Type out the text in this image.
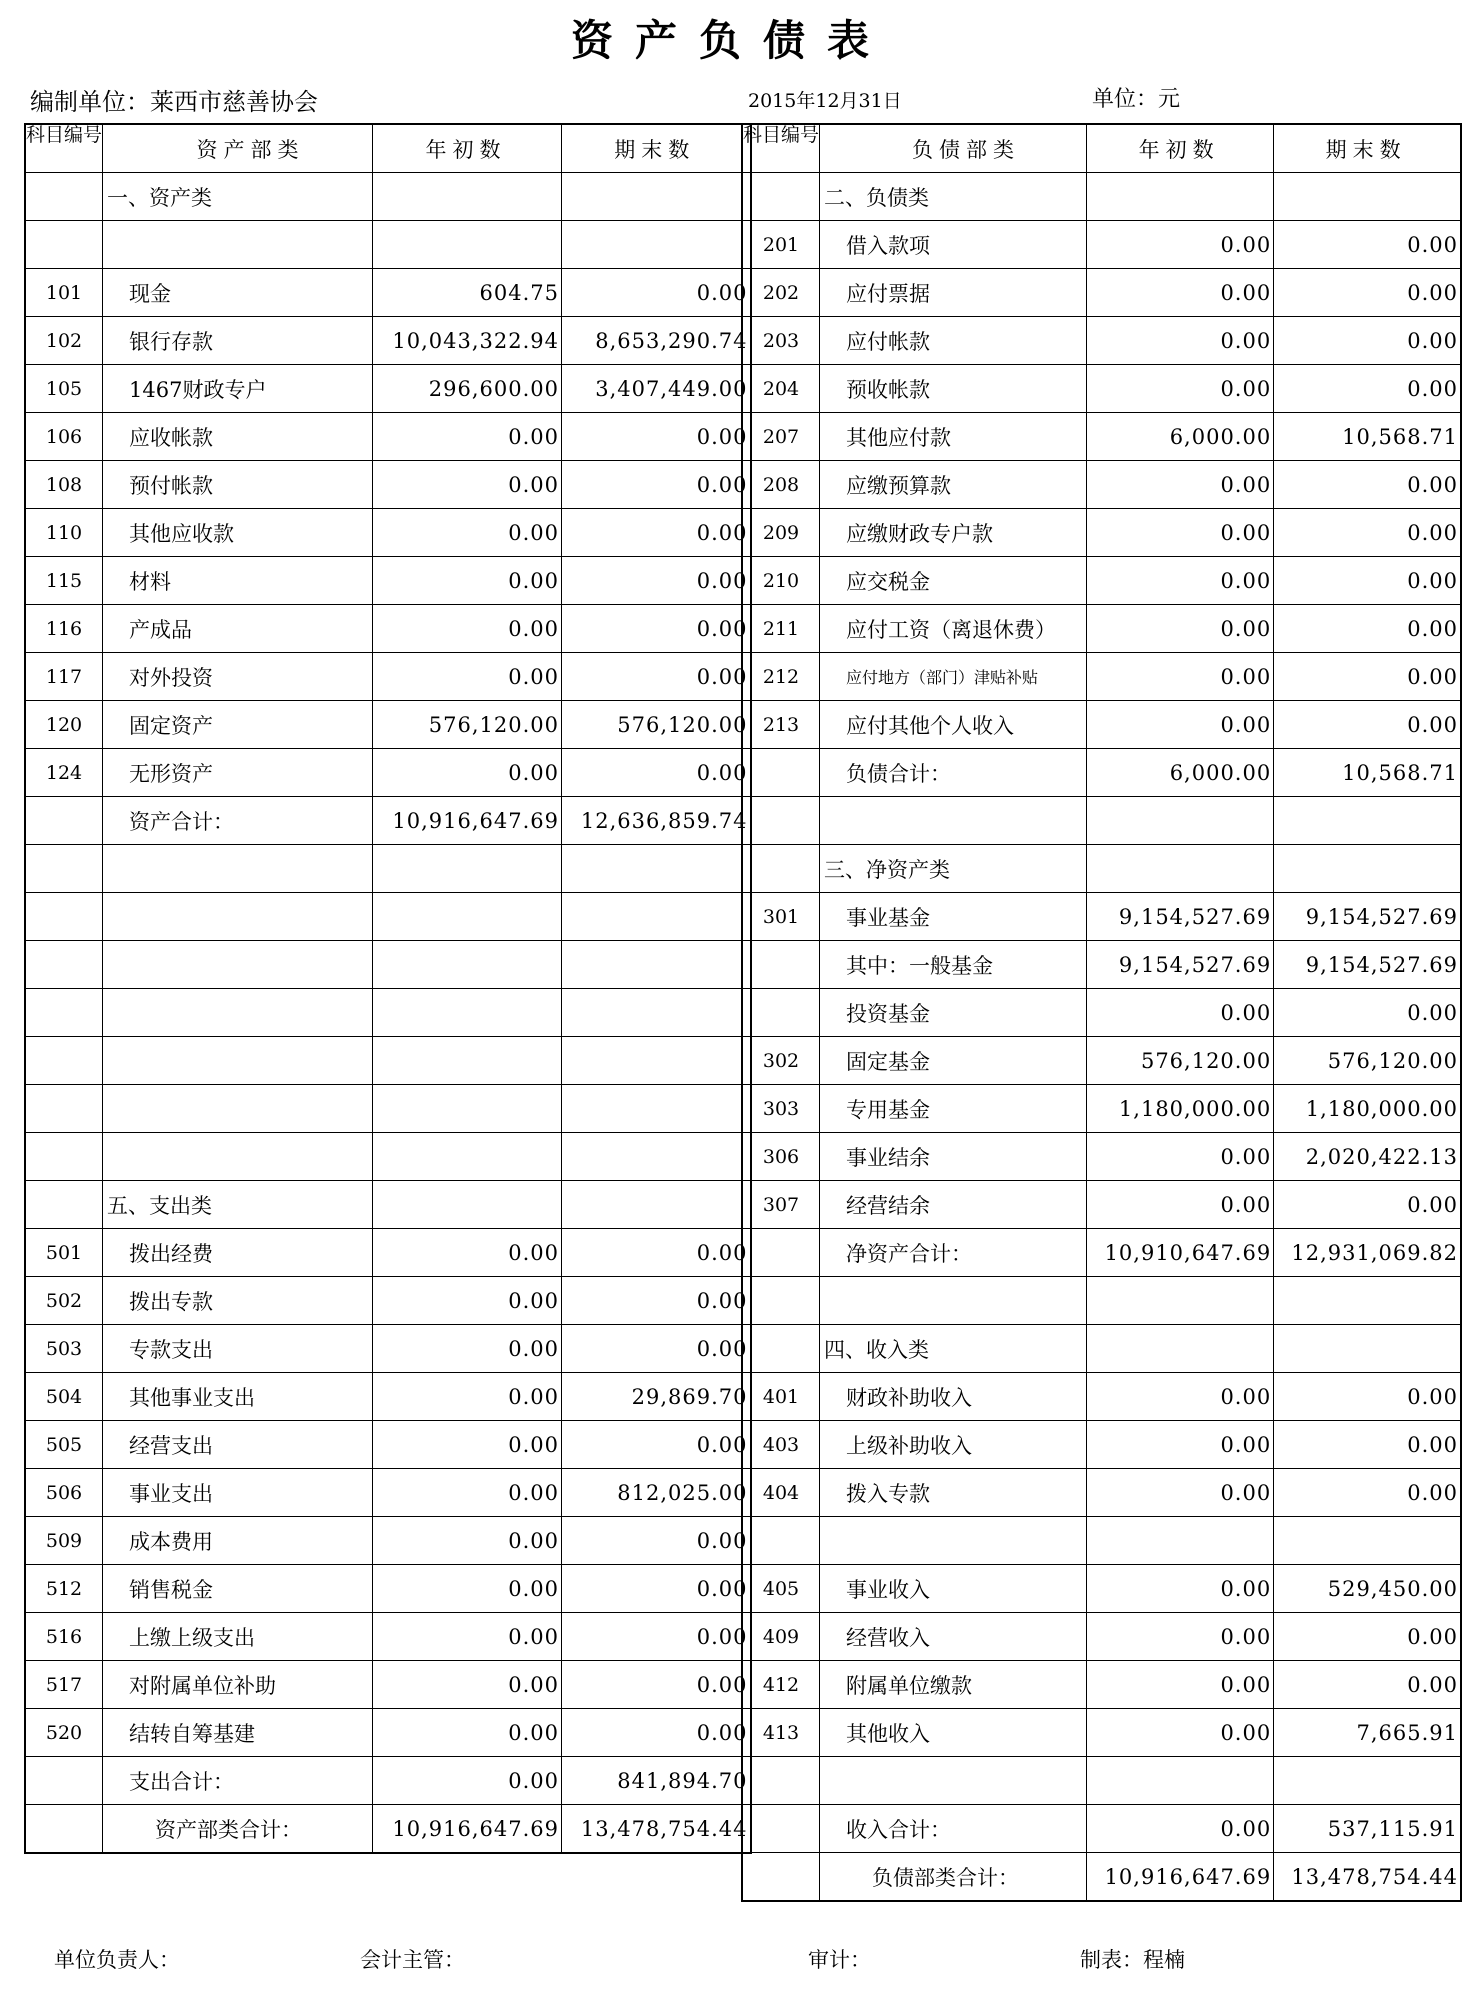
资产负债表
编制单位：莱西市慈善协会	2015年12月31日	单位：元
科目编号	资产部类	年初数	期末数
	一、资产类		

101	现金	604.75	0.00
102	银行存款	10,043,322.94	8,653,290.74
105	1467财政专户	296,600.00	3,407,449.00
106	应收帐款	0.00	0.00
108	预付帐款	0.00	0.00
110	其他应收款	0.00	0.00
115	材料	0.00	0.00
116	产成品	0.00	0.00
117	对外投资	0.00	0.00
120	固定资产	576,120.00	576,120.00
124	无形资产	0.00	0.00
	资产合计：	10,916,647.69	12,636,859.74

	五、支出类		
501	拨出经费	0.00	0.00
502	拨出专款	0.00	0.00
503	专款支出	0.00	0.00
504	其他事业支出	0.00	29,869.70
505	经营支出	0.00	0.00
506	事业支出	0.00	812,025.00
509	成本费用	0.00	0.00
512	销售税金	0.00	0.00
516	上缴上级支出	0.00	0.00
517	对附属单位补助	0.00	0.00
520	结转自筹基建	0.00	0.00
	支出合计：	0.00	841,894.70
	资产部类合计：	10,916,647.69	13,478,754.44
科目编号	负债部类	年初数	期末数
	二、负债类		
201	借入款项	0.00	0.00
202	应付票据	0.00	0.00
203	应付帐款	0.00	0.00
204	预收帐款	0.00	0.00
207	其他应付款	6,000.00	10,568.71
208	应缴预算款	0.00	0.00
209	应缴财政专户款	0.00	0.00
210	应交税金	0.00	0.00
211	应付工资（离退休费）	0.00	0.00
212	应付地方（部门）津贴补贴	0.00	0.00
213	应付其他个人收入	0.00	0.00
	负债合计：	6,000.00	10,568.71

	三、净资产类		
301	事业基金	9,154,527.69	9,154,527.69
	其中：一般基金	9,154,527.69	9,154,527.69
	投资基金	0.00	0.00
302	固定基金	576,120.00	576,120.00
303	专用基金	1,180,000.00	1,180,000.00
306	事业结余	0.00	2,020,422.13
307	经营结余	0.00	0.00
	净资产合计：	10,910,647.69	12,931,069.82

	四、收入类		
401	财政补助收入	0.00	0.00
403	上级补助收入	0.00	0.00
404	拨入专款	0.00	0.00

405	事业收入	0.00	529,450.00
409	经营收入	0.00	0.00
412	附属单位缴款	0.00	0.00
413	其他收入	0.00	7,665.91

	收入合计：	0.00	537,115.91
	负债部类合计：	10,916,647.69	13,478,754.44
单位负责人：	会计主管：	审计：	制表：程楠
